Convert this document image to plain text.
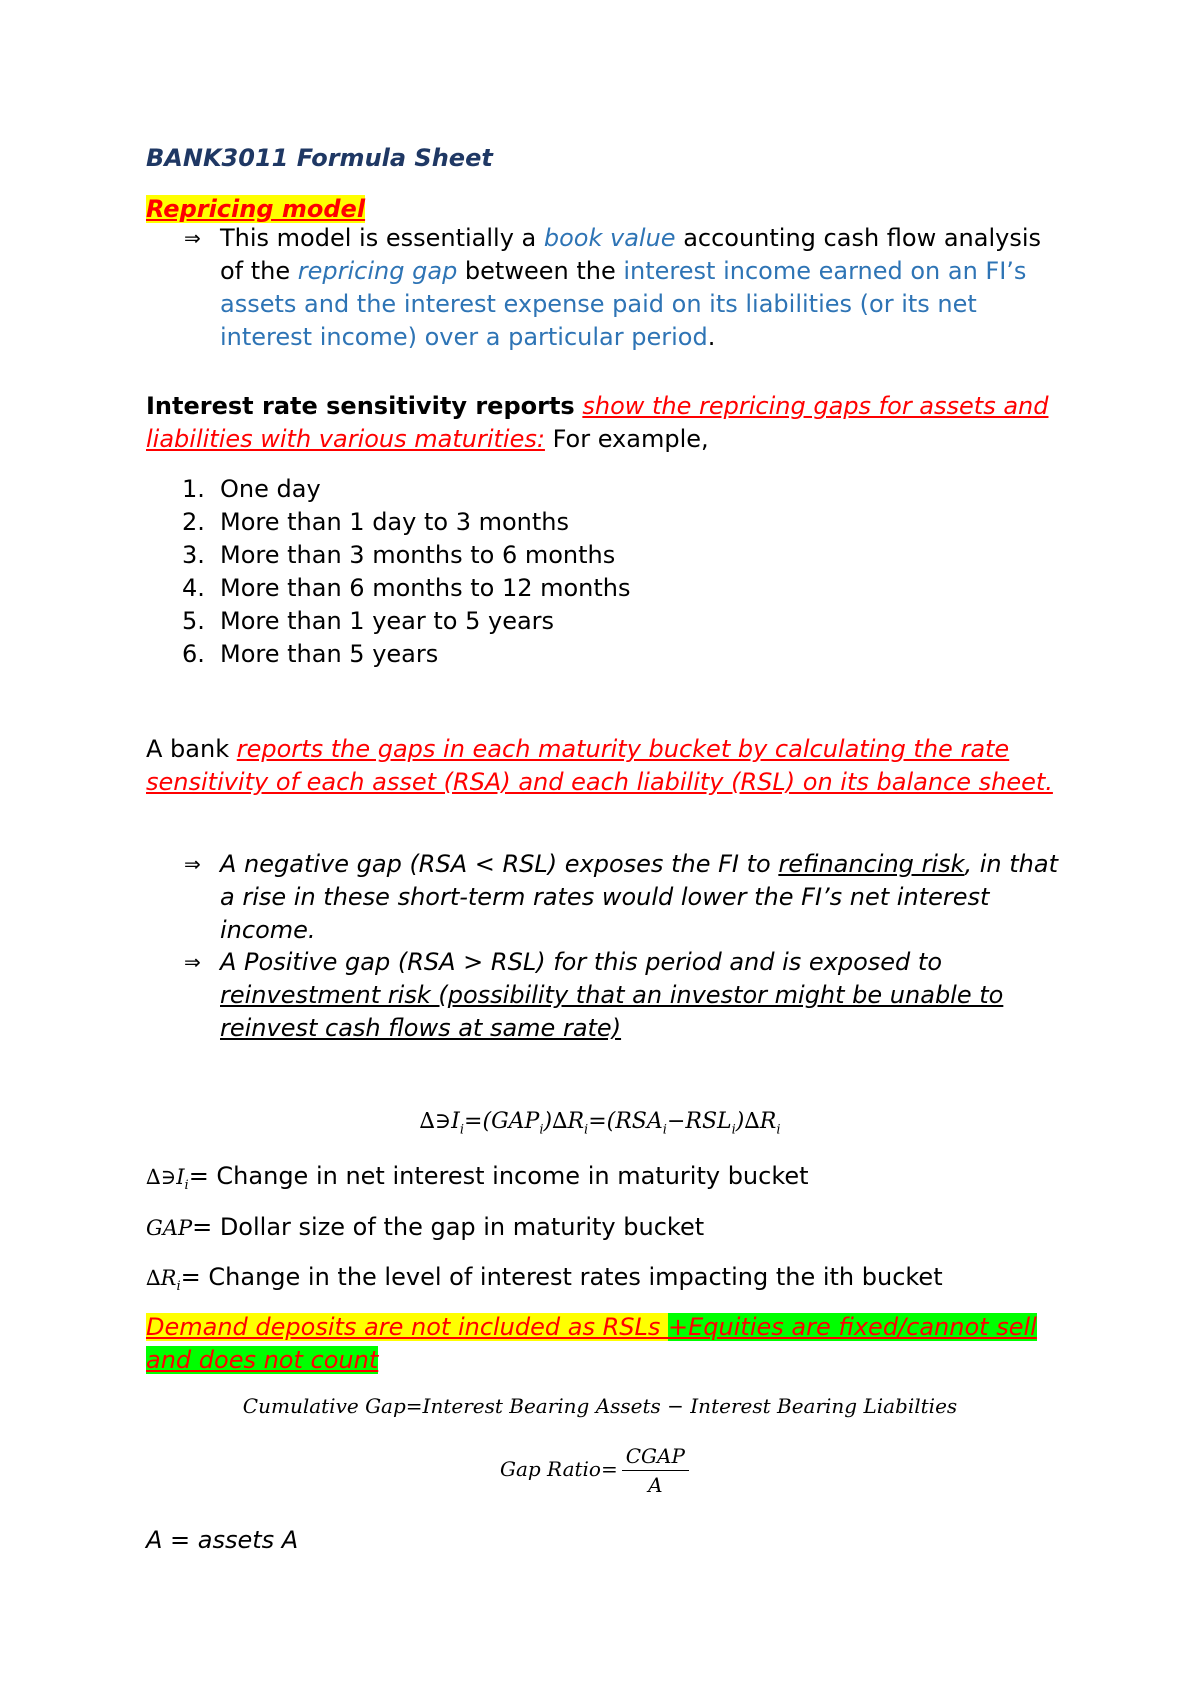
BANK3011 Formula Sheet

Repricing model

⇒ This model is essentially a book value accounting cash flow analysis of the repricing gap between the interest income earned on an FI’s assets and the interest expense paid on its liabilities (or its net interest income) over a particular period.

Interest rate sensitivity reports show the repricing gaps for assets and liabilities with various maturities: For example,

1. One day
2. More than 1 day to 3 months
3. More than 3 months to 6 months
4. More than 6 months to 12 months
5. More than 1 year to 5 years
6. More than 5 years

A bank reports the gaps in each maturity bucket by calculating the rate sensitivity of each asset (RSA) and each liability (RSL) on its balance sheet.

⇒ A negative gap (RSA < RSL) exposes the FI to refinancing risk, in that a rise in these short-term rates would lower the FI’s net interest income.
⇒ A Positive gap (RSA > RSL) for this period and is exposed to reinvestment risk (possibility that an investor might be unable to reinvest cash flows at same rate)
$\Delta∋I_i=(GAP_i)\Delta R_i=(RSA_i-RSL_i)\Delta R_i$

$\Delta∋I_i=$ Change in net interest income in maturity bucket

GAP= Dollar size of the gap in maturity bucket

$\Delta R_i=$ Change in the level of interest rates impacting the ith bucket

Demand deposits are not included as RSLs +Equities are fixed/cannot sell and does not count

Cumulative Gap=Interest Bearing Assets − Interest Bearing Liabilties
Gap Ratio= $\frac{\text{CGAP}}{A}$

A = assets A
